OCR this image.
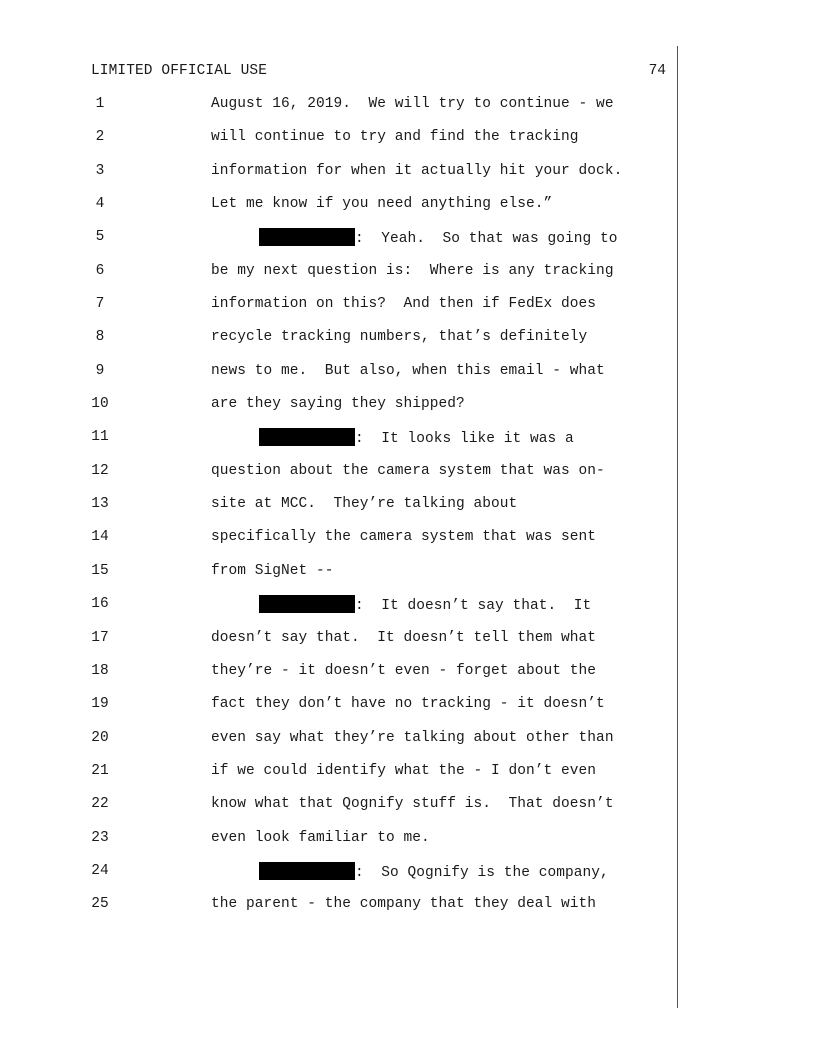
LIMITED OFFICIAL USE	74
1	August 16, 2019.  We will try to continue - we
2	will continue to try and find the tracking
3	information for when it actually hit your dock.
4	Let me know if you need anything else.”
5	:  Yeah.  So that was going to
6	be my next question is:  Where is any tracking
7	information on this?  And then if FedEx does
8	recycle tracking numbers, that’s definitely
9	news to me.  But also, when this email - what
10	are they saying they shipped?
11	:  It looks like it was a
12	question about the camera system that was on-
13	site at MCC.  They’re talking about
14	specifically the camera system that was sent
15	from SigNet --
16	:  It doesn’t say that.  It
17	doesn’t say that.  It doesn’t tell them what
18	they’re - it doesn’t even - forget about the
19	fact they don’t have no tracking - it doesn’t
20	even say what they’re talking about other than
21	if we could identify what the - I don’t even
22	know what that Qognify stuff is.  That doesn’t
23	even look familiar to me.
24	:  So Qognify is the company,
25	the parent - the company that they deal with
